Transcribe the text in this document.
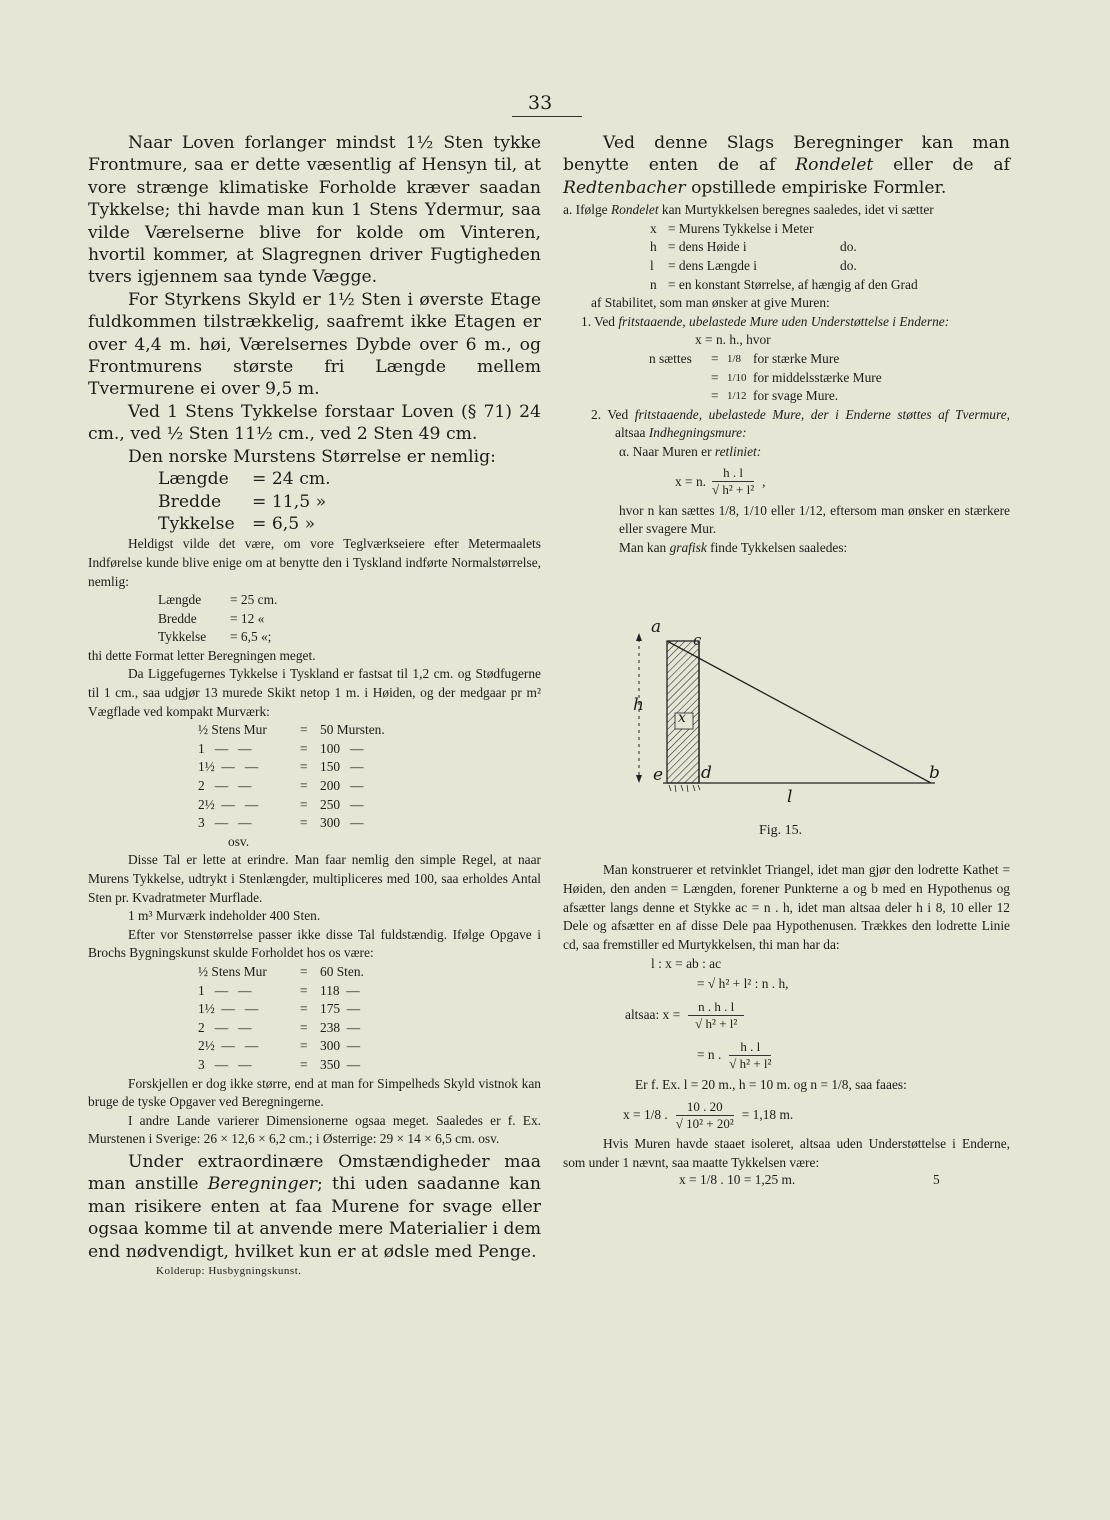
33

Naar Loven forlanger mindst 1½ Sten tykke Frontmure, saa er dette væsentlig af Hensyn til, at vore strænge klimatiske Forholde kræver saadan Tykkelse; thi havde man kun 1 Stens Ydermur, saa vilde Værelserne blive for kolde om Vinteren, hvortil kommer, at Slagregnen driver Fugtigheden tvers igjennem saa tynde Vægge.

For Styrkens Skyld er 1½ Sten i øverste Etage fuldkommen tilstrækkelig, saafremt ikke Etagen er over 4,4 m. høi, Værelsernes Dybde over 6 m., og Frontmurens største fri Længde mellem Tvermurene ei over 9,5 m.

Ved 1 Stens Tykkelse forstaar Loven (§ 71) 24 cm., ved ½ Sten 11½ cm., ved 2 Sten 49 cm.

Den norske Murstens Størrelse er nemlig:

Længde	= 24 cm.
Bredde	= 11,5 »
Tykkelse	= 6,5 »

Heldigst vilde det være, om vore Teglværkseiere efter Metermaalets Indførelse kunde blive enige om at benytte den i Tyskland indførte Normalstørrelse, nemlig:

Længde	= 25 cm.
Bredde	= 12 «
Tykkelse	= 6,5 «;

thi dette Format letter Beregningen meget.

Da Liggefugernes Tykkelse i Tyskland er fastsat til 1,2 cm. og Stødfugerne til 1 cm., saa udgjør 13 murede Skikt netop 1 m. i Høiden, og der medgaar pr m² Vægflade ved kompakt Murværk:

½ Stens Mur	= 50 Mursten.
1   —   —	= 100   —
1½  —   —	= 150   —
2   —   —	= 200   —
2½  —   —	= 250   —
3   —   —	= 300   —
osv.

Disse Tal er lette at erindre. Man faar nemlig den simple Regel, at naar Murens Tykkelse, udtrykt i Stenlængder, multipliceres med 100, saa erholdes Antal Sten pr. Kvadratmeter Murflade.

1 m³ Murværk indeholder 400 Sten.

Efter vor Stenstørrelse passer ikke disse Tal fuldstændig. Ifølge Opgave i Brochs Bygningskunst skulde Forholdet hos os være:

½ Stens Mur	= 60 Sten.
1   —   —	= 118  —
1½  —   —	= 175  —
2   —   —	= 238  —
2½  —   —	= 300  —
3   —   —	= 350  —

Forskjellen er dog ikke større, end at man for Simpelheds Skyld vistnok kan bruge de tyske Opgaver ved Beregningerne.

I andre Lande varierer Dimensionerne ogsaa meget. Saaledes er f. Ex. Murstenen i Sverige: 26 × 12,6 × 6,2 cm.; i Østerrige: 29 × 14 × 6,5 cm. osv.

Under extraordinære Omstændigheder maa man anstille Beregninger; thi uden saadanne kan man risikere enten at faa Murene for svage eller ogsaa komme til at anvende mere Materialier i dem end nødvendigt, hvilket kun er at ødsle med Penge.

Kolderup: Husbygningskunst.

Ved denne Slags Beregninger kan man benytte enten de af Rondelet eller de af Redtenbacher opstillede empiriske Formler.

a. Ifølge Rondelet kan Murtykkelsen beregnes saaledes, idet vi sætter

x = Murens Tykkelse i Meter
h = dens Høide i	do.
l	= dens Længde i	do.
n = en konstant Størrelse, af hængig af den Grad

af Stabilitet, som man ønsker at give Muren:

1. Ved fritstaaende, ubelastede Mure uden Understøttelse i Enderne:

x = n. h., hvor

n sættes	= 1/8 for stærke Mure
= 1/10 for middelsstærke Mure
= 1/12 for svage Mure.

2. Ved fritstaaende, ubelastede Mure, der i Enderne støttes af Tvermure, altsaa Indhegningsmure:

α. Naar Muren er retliniet:

x = n. $\frac{h . l}{\text{√ h² + l²}}$ ,

hvor n kan sættes 1/8, 1/10 eller 1/12, eftersom man ønsker en stærkere eller svagere Mur.

Man kan grafisk finde Tykkelsen saaledes:

a
c
h
x
e d	b
l
Fig. 15.

Man konstruerer et retvinklet Triangel, idet man gjør den lodrette Kathet = Høiden, den anden = Længden, forener Punkterne a og b med en Hypothenus og afsætter langs denne et Stykke ac = n . h, idet man altsaa deler h i 8, 10 eller 12 Dele og afsætter en af disse Dele paa Hypothenusen. Trækkes den lodrette Linie cd, saa fremstiller ed Murtykkelsen, thi man har da:

l : x = ab : ac
= √ h² + l² : n . h,
altsaa: $x = \frac{n . h . l}{\text{√ h² + l²}}$
= n . $\frac{h . l}{\text{√ h² + l²}}$
Er f. Ex. l = 20 m., h = 10 m. og n = 1/8, saa faaes:
x = 1/8 . $\frac{10 . 20}{\text{√ 10² + 20²}} = 1,18$ m.

Hvis Muren havde staaet isoleret, altsaa uden Understøttelse i Enderne, som under 1 nævnt, saa maatte Tykkelsen være:

x = 1/8 . 10 = 1,25 m.	5
